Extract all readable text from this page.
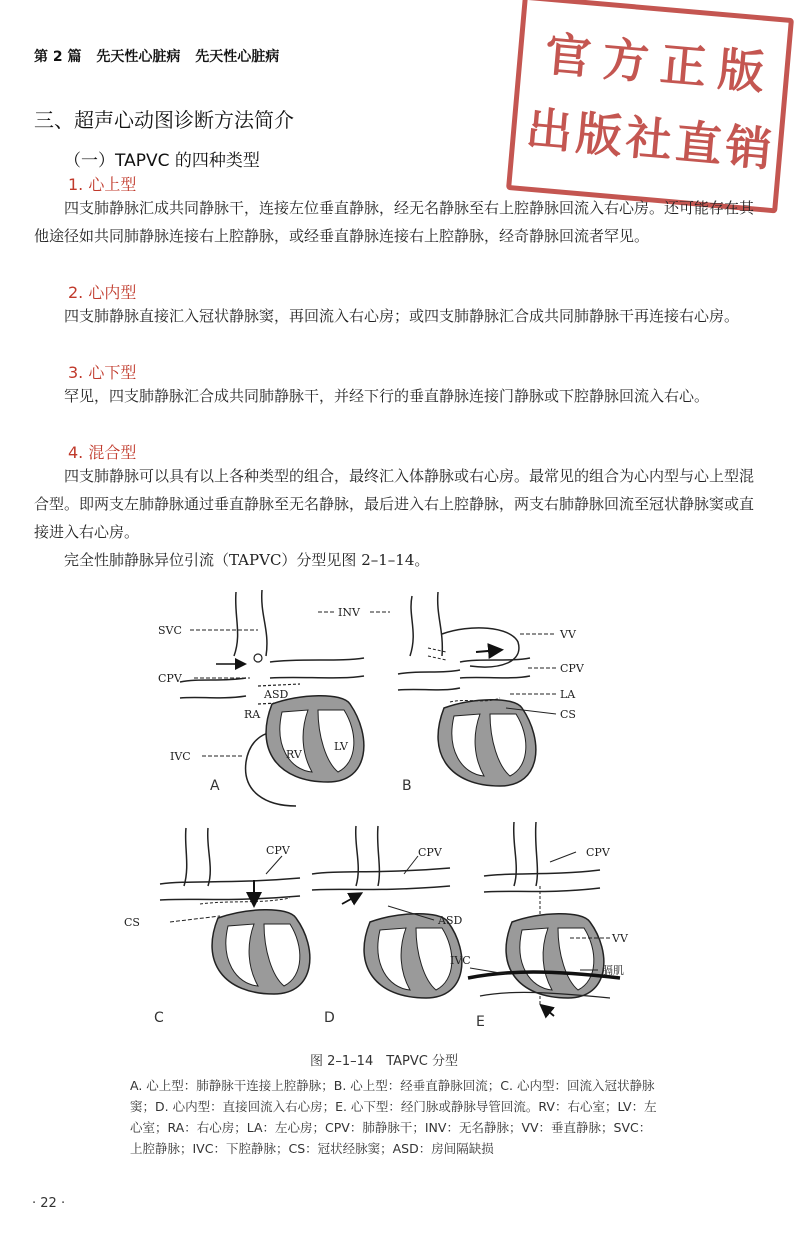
第 2 篇 先天性心脏病 先天性心脏病	官方正版
出版社直销
三、超声心动图诊断方法简介
（一）TAPVC 的四种类型
1. 心上型
四支肺静脉汇成共同静脉干，连接左位垂直静脉，经无名静脉至右上腔静脉回流入右心房。还可能存在其他途径如共同肺静脉连接右上腔静脉，或经垂直静脉连接右上腔静脉，经奇静脉回流者罕见。
2. 心内型
四支肺静脉直接汇入冠状静脉窦，再回流入右心房；或四支肺静脉汇合成共同肺静脉干再连接右心房。
3. 心下型
罕见，四支肺静脉汇合成共同肺静脉干，并经下行的垂直静脉连接门静脉或下腔静脉回流入右心。
4. 混合型
四支肺静脉可以具有以上各种类型的组合，最终汇入体静脉或右心房。最常见的组合为心内型与心上型混合型。即两支左肺静脉通过垂直静脉至无名静脉，最后进入右上腔静脉，两支右肺静脉回流至冠状静脉窦或直接进入右心房。
完全性肺静脉异位引流（TAPVC）分型见图 2–1–14。
SVC
CPV
ASD
RA
RV
LV
IVC
A
INV
VV
CPV
LA
CS
B
CPV
CS
C
CPV
ASD
D
CPV
VV
IVC
膈肌
E
图 2–1–14　TAPVC 分型
A. 心上型：肺静脉干连接上腔静脉；B. 心上型：经垂直静脉回流；C. 心内型：回流入冠状静脉窦；D. 心内型：直接回流入右心房；E. 心下型：经门脉或静脉导管回流。RV：右心室；LV：左心室；RA：右心房；LA：左心房；CPV：肺静脉干；INV：无名静脉；VV：垂直静脉；SVC：上腔静脉；IVC：下腔静脉；CS：冠状经脉窦；ASD：房间隔缺损
· 22 ·
